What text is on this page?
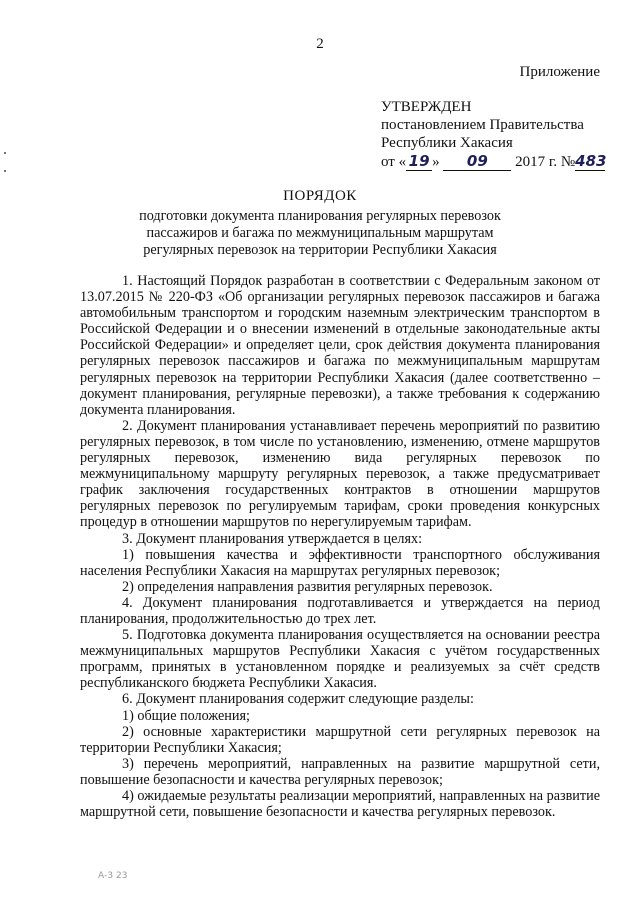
2
Приложение
УТВЕРЖДЕН
постановлением Правительства
Республики Хакасия
от « 19 » 09 2017 г. №483
ПОРЯДОК
подготовки документа планирования регулярных перевозок пассажиров и багажа по межмуниципальным маршрутам регулярных перевозок на территории Республики Хакасия

1. Настоящий Порядок разработан в соответствии с Федеральным законом от 13.07.2015 № 220-ФЗ «Об организации регулярных перевозок пассажиров и багажа автомобильным транспортом и городским наземным электрическим транспортом в Российской Федерации и о внесении изменений в отдельные законодательные акты Российской Федерации» и определяет цели, срок действия документа планирования регулярных перевозок пассажиров и багажа по межмуниципальным маршрутам регулярных перевозок на территории Республики Хакасия (далее соответственно – документ планирования, регулярные перевозки), а также требования к содержанию документа планирования.

2. Документ планирования устанавливает перечень мероприятий по развитию регулярных перевозок, в том числе по установлению, изменению, отмене маршрутов регулярных перевозок, изменению вида регулярных перевозок по межмуниципальному маршруту регулярных перевозок, а также предусматривает график заключения государственных контрактов в отношении маршрутов регулярных перевозок по регулируемым тарифам, сроки проведения конкурсных процедур в отношении маршрутов по нерегулируемым тарифам.

3. Документ планирования утверждается в целях:

1) повышения качества и эффективности транспортного обслуживания населения Республики Хакасия на маршрутах регулярных перевозок;

2) определения направления развития регулярных перевозок.

4. Документ планирования подготавливается и утверждается на период планирования, продолжительностью до трех лет.

5. Подготовка документа планирования осуществляется на основании реестра межмуниципальных маршрутов Республики Хакасия с учётом государственных программ, принятых в установленном порядке и реализуемых за счёт средств республиканского бюджета Республики Хакасия.

6. Документ планирования содержит следующие разделы:

1) общие положения;

2) основные характеристики маршрутной сети регулярных перевозок на территории Республики Хакасия;

3) перечень мероприятий, направленных на развитие маршрутной сети, повышение безопасности и качества регулярных перевозок;

4) ожидаемые результаты реализации мероприятий, направленных на развитие маршрутной сети, повышение безопасности и качества регулярных перевозок.

А-3 23
